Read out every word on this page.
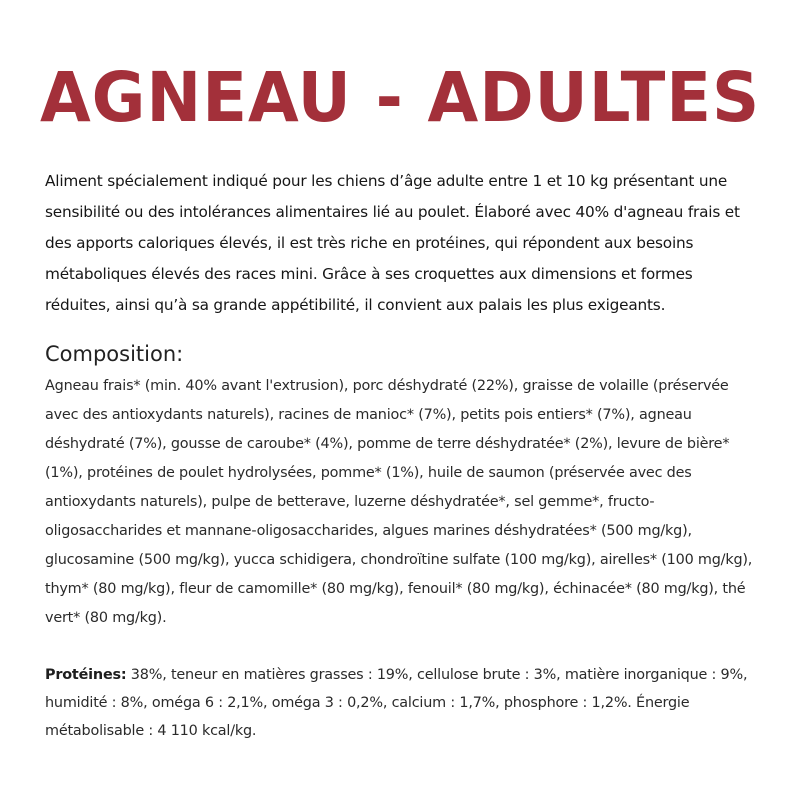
AGNEAU - ADULTES

Aliment spécialement indiqué pour les chiens d’âge adulte entre 1 et 10 kg présentant une sensibilité ou des intolérances alimentaires lié au poulet. Élaboré avec 40% d'agneau frais et des apports caloriques élevés, il est très riche en protéines, qui répondent aux besoins métaboliques élevés des races mini. Grâce à ses croquettes aux dimensions et formes réduites, ainsi qu’à sa grande appétibilité, il convient aux palais les plus exigeants.

Composition:

Agneau frais* (min. 40% avant l'extrusion), porc déshydraté (22%), graisse de volaille (préservée avec des antioxydants naturels), racines de manioc* (7%), petits pois entiers* (7%), agneau déshydraté (7%), gousse de caroube* (4%), pomme de terre déshydratée* (2%), levure de bière* (1%), protéines de poulet hydrolysées, pomme* (1%), huile de saumon (préservée avec des antioxydants naturels), pulpe de betterave, luzerne déshydratée*, sel gemme*, fructo-oligosaccharides et mannane-oligosaccharides, algues marines déshydratées* (500 mg/kg), glucosamine (500 mg/kg), yucca schidigera, chondroïtine sulfate (100 mg/kg), airelles* (100 mg/kg), thym* (80 mg/kg), fleur de camomille* (80 mg/kg), fenouil* (80 mg/kg), échinacée* (80 mg/kg), thé vert* (80 mg/kg).

Protéines: 38%, teneur en matières grasses : 19%, cellulose brute : 3%, matière inorganique : 9%, humidité : 8%, oméga 6 : 2,1%, oméga 3 : 0,2%, calcium : 1,7%, phosphore : 1,2%. Énergie métabolisable : 4 110 kcal/kg.
